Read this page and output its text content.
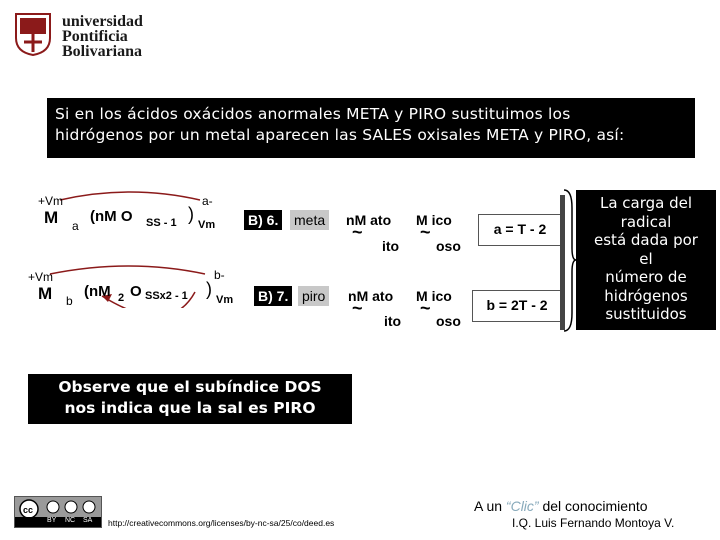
universidad
Pontificia
Bolivariana
Si en los ácidos oxácidos anormales META y PIRO sustituimos los
hidrógenos por un metal aparecen las SALES oxisales META y PIRO, así:
+Vm	a-
M a
(nM O SS - 1 )
Vm
+Vm	b-
M b
(nM 2 O SSx2 - 1 )
Vm
B) 6. meta nM ato M ico
~	~
ito	oso
a = T - 2
B) 7. piro nM ato M ico
~	~
ito oso
b = 2T - 2
La carga del
radical
está dada por
el
número de
hidrógenos
sustituidos
Observe que el subíndice DOS
nos indica que la sal es PIRO
cc
BY NC SA http://creativecommons.org/licenses/by-nc-sa/25/co/deed.es
A un “Clic” del conocimiento
I.Q. Luis Fernando Montoya V.
